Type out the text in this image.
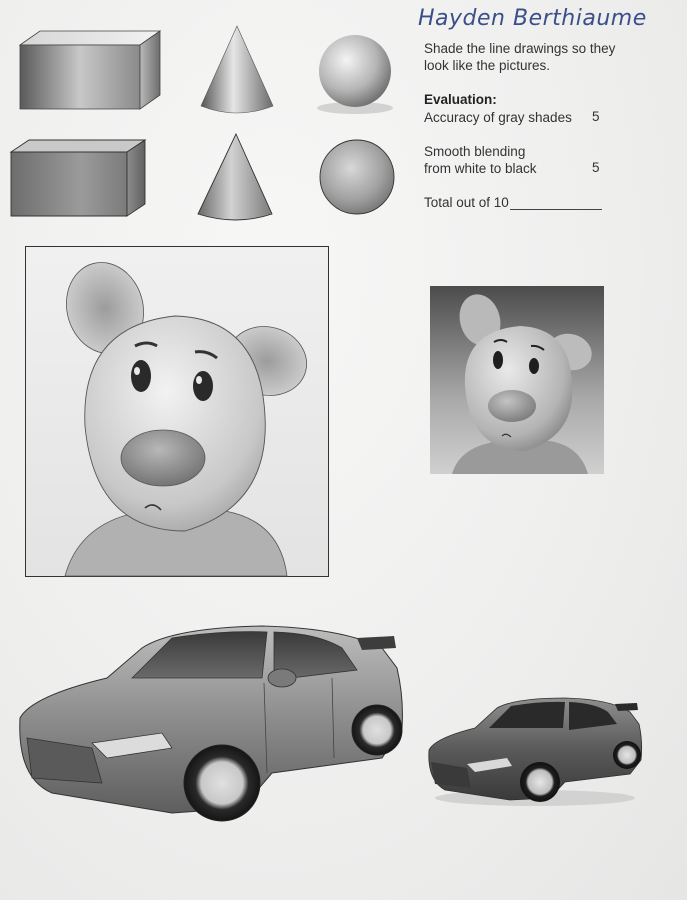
Hayden Berthiaume
Shade the line drawings so they look like the pictures.
Evaluation:
Accuracy of gray shades	5
Smooth blending from white to black	5
Total out of 10
